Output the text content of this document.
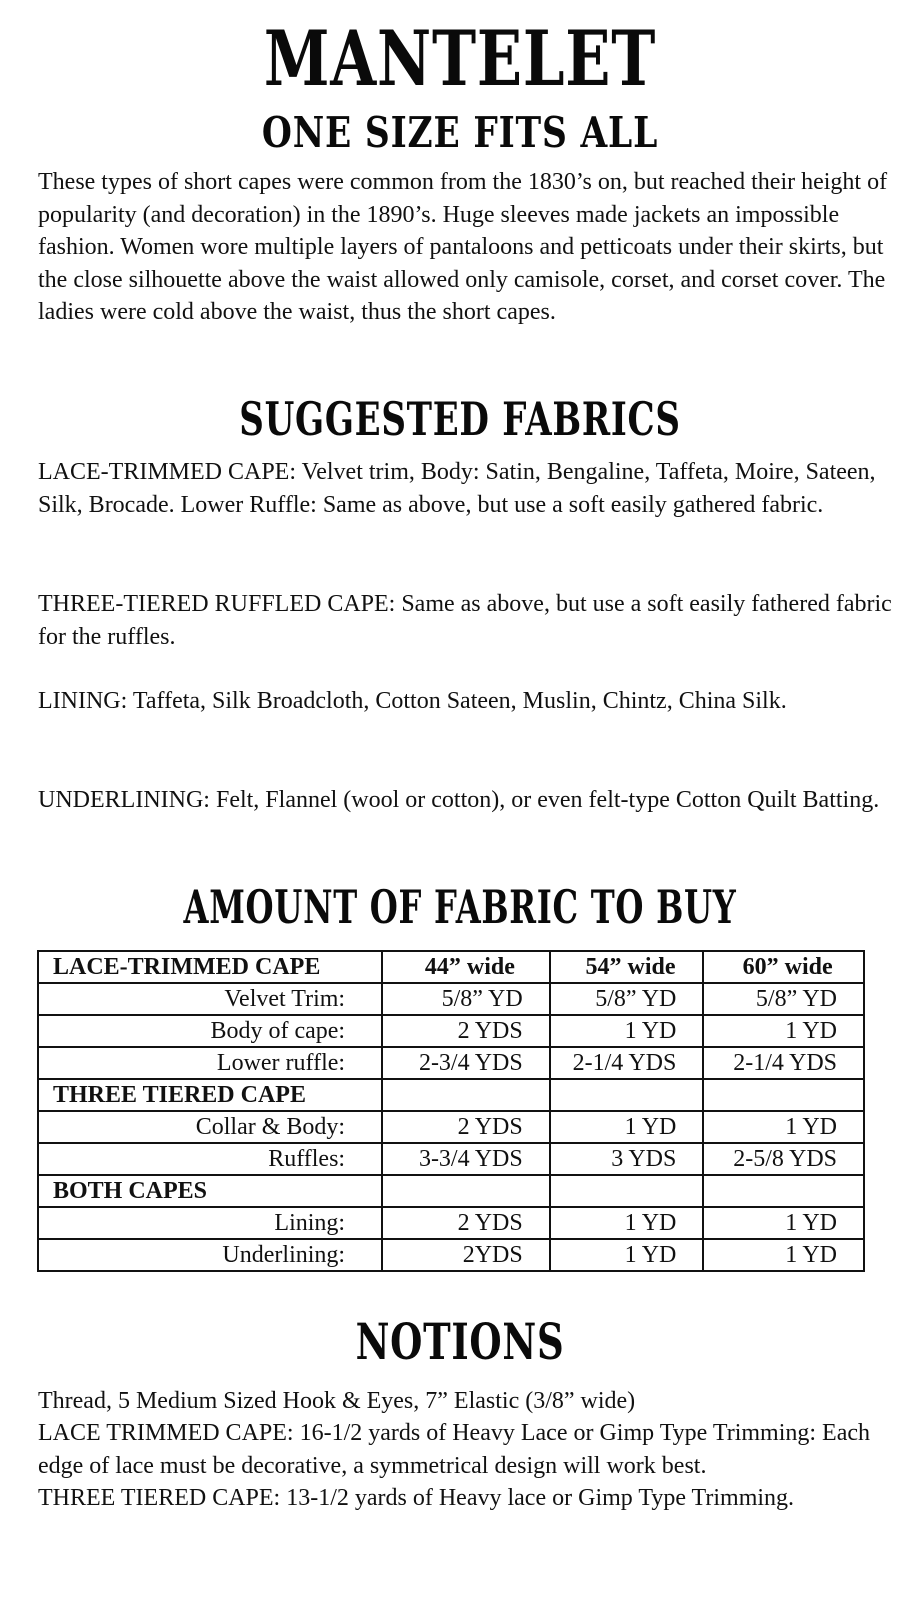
MANTELET
ONE SIZE FITS ALL

These types of short capes were common from the 1830’s on, but reached their height of popularity (and decoration) in the 1890’s. Huge sleeves made jackets an impossible fashion. Women wore multiple layers of pantaloons and petticoats under their skirts, but the close silhouette above the waist allowed only camisole, corset, and corset cover. The ladies were cold above the waist, thus the short capes.

SUGGESTED FABRICS

LACE-TRIMMED CAPE: Velvet trim, Body: Satin, Bengaline, Taffeta, Moire, Sateen, Silk, Brocade. Lower Ruffle: Same as above, but use a soft easily gathered fabric.

THREE-TIERED RUFFLED CAPE: Same as above, but use a soft easily fathered fabric for the ruffles.

LINING: Taffeta, Silk Broadcloth, Cotton Sateen, Muslin, Chintz, China Silk.

UNDERLINING: Felt, Flannel (wool or cotton), or even felt-type Cotton Quilt Batting.

AMOUNT OF FABRIC TO BUY
LACE-TRIMMED CAPE	44” wide	54” wide	60” wide
Velvet Trim:	5/8” YD	5/8” YD	5/8” YD
Body of cape:	2 YDS	1 YD	1 YD
Lower ruffle:	2-3/4 YDS	2-1/4 YDS	2-1/4 YDS
THREE TIERED CAPE			
Collar & Body:	2 YDS	1 YD	1 YD
Ruffles:	3-3/4 YDS	3 YDS	2-5/8 YDS
BOTH CAPES			
Lining:	2 YDS	1 YD	1 YD
Underlining:	2YDS	1 YD	1 YD
NOTIONS
Thread, 5 Medium Sized Hook & Eyes, 7” Elastic (3/8” wide)
LACE TRIMMED CAPE: 16-1/2 yards of Heavy Lace or Gimp Type Trimming: Each edge of lace must be decorative, a symmetrical design will work best.
THREE TIERED CAPE: 13-1/2 yards of Heavy lace or Gimp Type Trimming.
